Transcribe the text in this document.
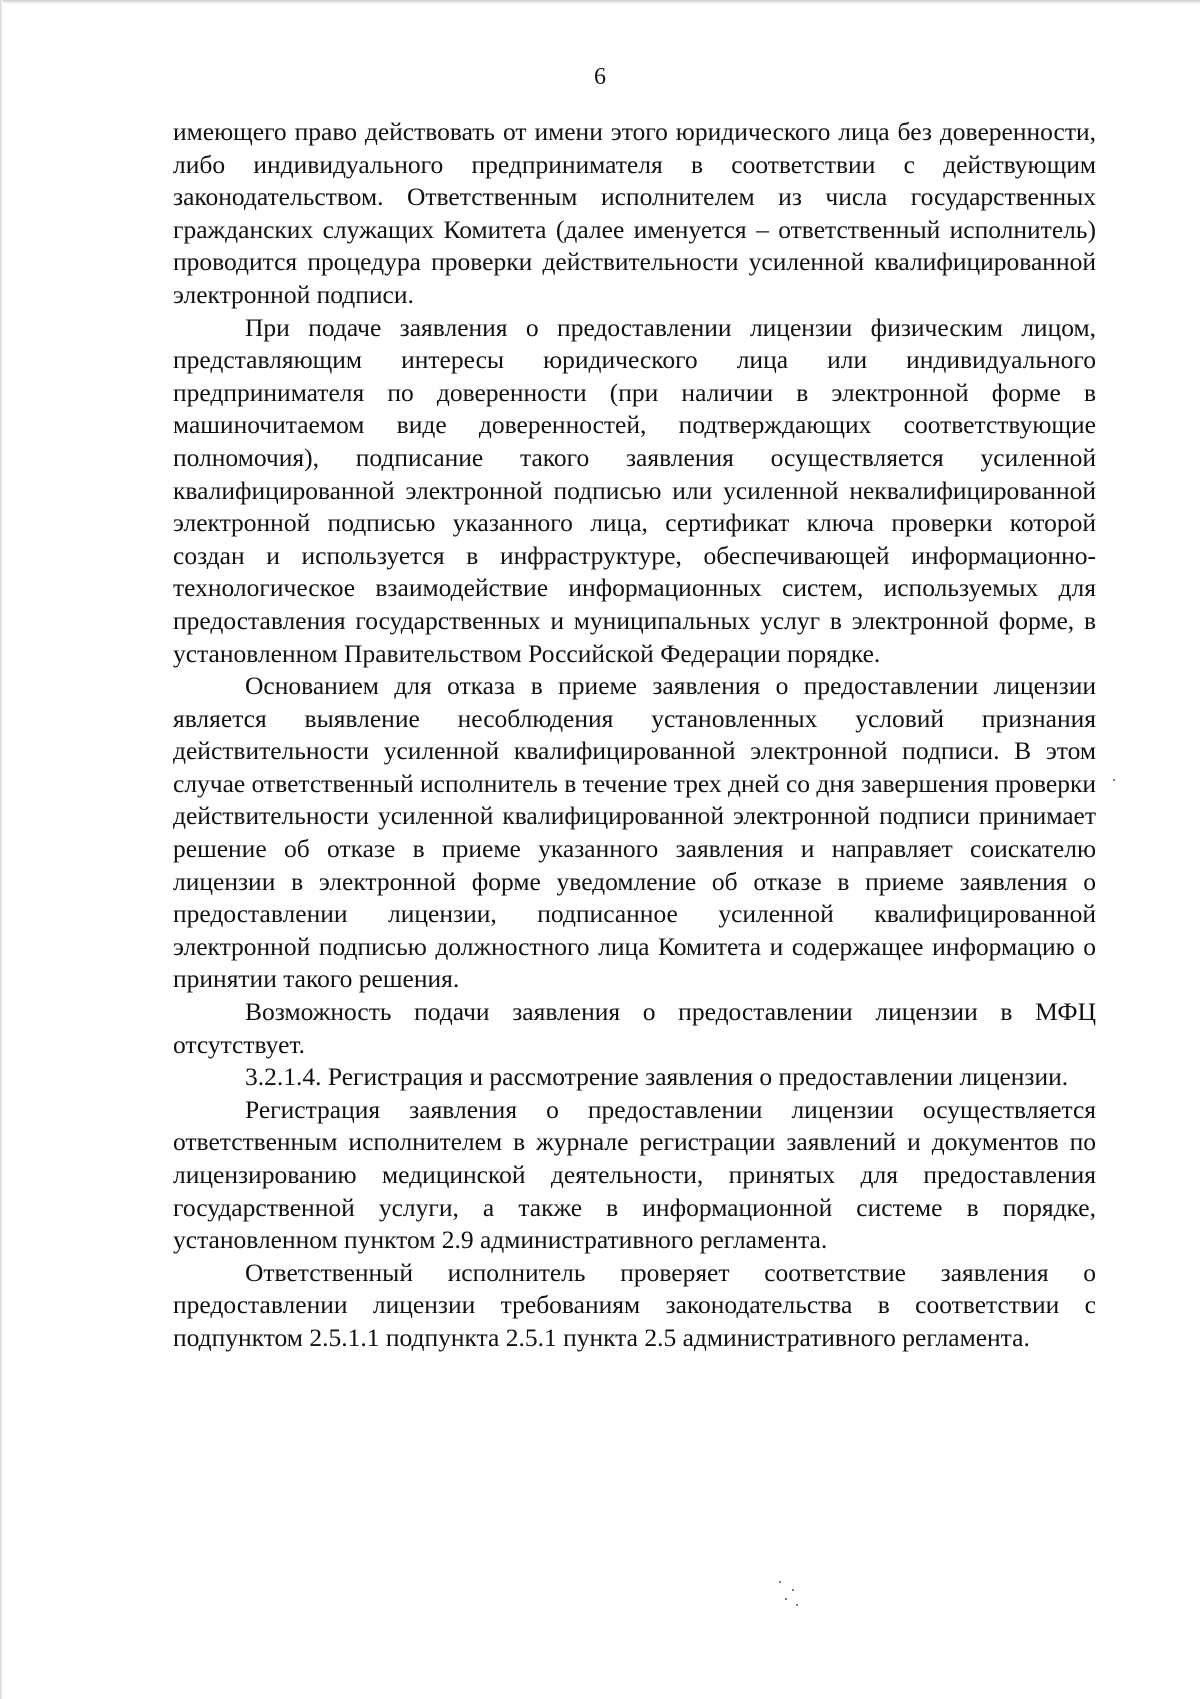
6

имеющего право действовать от имени этого юридического лица без доверенности, либо индивидуального предпринимателя в соответствии с действующим законодательством. Ответственным исполнителем из числа государственных гражданских служащих Комитета (далее именуется – ответственный исполнитель) проводится процедура проверки действительности усиленной квалифицированной электронной подписи.

При подаче заявления о предоставлении лицензии физическим лицом, представляющим интересы юридического лица или индивидуального предпринимателя по доверенности (при наличии в электронной форме в машиночитаемом виде доверенностей, подтверждающих соответствующие полномочия), подписание такого заявления осуществляется усиленной квалифицированной электронной подписью или усиленной неквалифицированной электронной подписью указанного лица, сертификат ключа проверки которой создан и используется в инфраструктуре, обеспечивающей информационно-технологическое взаимодействие информационных систем, используемых для предоставления государственных и муниципальных услуг в электронной форме, в установленном Правительством Российской Федерации порядке.

Основанием для отказа в приеме заявления о предоставлении лицензии является выявление несоблюдения установленных условий признания действительности усиленной квалифицированной электронной подписи. В этом случае ответственный исполнитель в течение трех дней со дня завершения проверки действительности усиленной квалифицированной электронной подписи принимает решение об отказе в приеме указанного заявления и направляет соискателю лицензии в электронной форме уведомление об отказе в приеме заявления о предоставлении лицензии, подписанное усиленной квалифицированной электронной подписью должностного лица Комитета и содержащее информацию о принятии такого решения.

Возможность подачи заявления о предоставлении лицензии в МФЦ отсутствует.

3.2.1.4. Регистрация и рассмотрение заявления о предоставлении лицензии.

Регистрация заявления о предоставлении лицензии осуществляется ответственным исполнителем в журнале регистрации заявлений и документов по лицензированию медицинской деятельности, принятых для предоставления государственной услуги, а также в информационной системе в порядке, установленном пунктом 2.9 административного регламента.

Ответственный исполнитель проверяет соответствие заявления о предоставлении лицензии требованиям законодательства в соответствии с подпунктом 2.5.1.1 подпункта 2.5.1 пункта 2.5 административного регламента.
